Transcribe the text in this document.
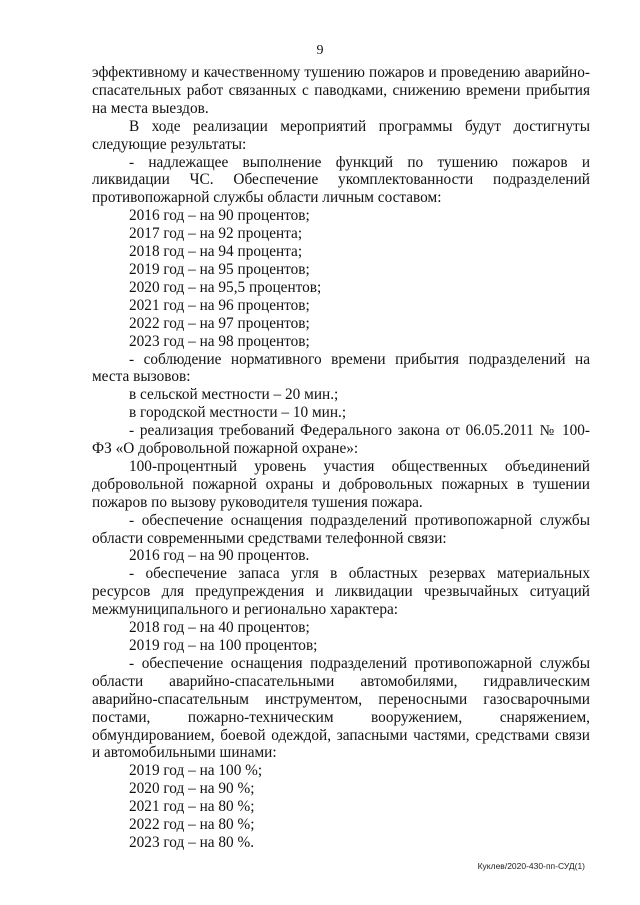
9

эффективному и качественному тушению пожаров и проведению аварийно-спасательных работ связанных с паводками, снижению времени прибытия на места выездов.

В ходе реализации мероприятий программы будут достигнуты следующие результаты:

- надлежащее выполнение функций по тушению пожаров и ликвидации ЧС. Обеспечение укомплектованности подразделений противопожарной службы области личным составом:

2016 год – на 90 процентов;
2017 год – на 92 процента;
2018 год – на 94 процента;
2019 год – на 95 процентов;
2020 год – на 95,5 процентов;
2021 год – на 96 процентов;
2022 год – на 97 процентов;
2023 год – на 98 процентов;

- соблюдение нормативного времени прибытия подразделений на места вызовов:

в сельской местности – 20 мин.;
в городской местности – 10 мин.;

- реализация требований Федерального закона от 06.05.2011 № 100-ФЗ «О добровольной пожарной охране»:

100-процентный уровень участия общественных объединений добровольной пожарной охраны и добровольных пожарных в тушении пожаров по вызову руководителя тушения пожара.

- обеспечение оснащения подразделений противопожарной службы области современными средствами телефонной связи:

2016 год – на 90 процентов.

- обеспечение запаса угля в областных резервах материальных ресурсов для предупреждения и ликвидации чрезвычайных ситуаций межмуниципального и регионально характера:

2018 год – на 40 процентов;
2019 год – на 100 процентов;

- обеспечение оснащения подразделений противопожарной службы области аварийно-спасательными автомобилями, гидравлическим аварийно-спасательным инструментом, переносными газосварочными постами, пожарно-техническим вооружением, снаряжением, обмундированием, боевой одеждой, запасными частями, средствами связи и автомобильными шинами:

2019 год – на 100 %;
2020 год – на 90 %;
2021 год – на 80 %;
2022 год – на 80 %;
2023 год – на 80 %.
Куклев/2020-430-пп-СУД(1)
